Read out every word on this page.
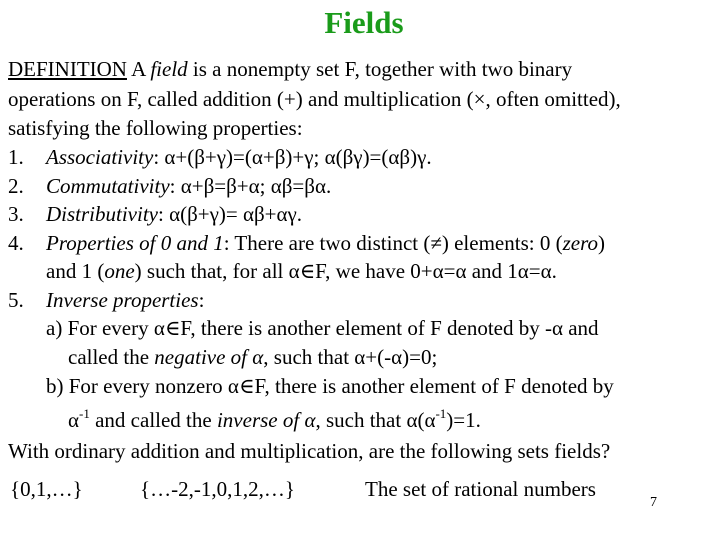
Fields
DEFINITION A field is a nonempty set F, together with two binary
operations on F, called addition (+) and multiplication (×, often omitted),
satisfying the following properties:
1. Associativity: α+(β+γ)=(α+β)+γ; α(βγ)=(αβ)γ.
2. Commutativity: α+β=β+α; αβ=βα.
3. Distributivity: α(β+γ)= αβ+αγ.
4. Properties of 0 and 1: There are two distinct (≠) elements: 0 (zero)
and 1 (one) such that, for all α∈F, we have 0+α=α and 1α=α.
5. Inverse properties:
a) For every α∈F, there is another element of F denoted by -α and
called the negative of α, such that α+(-α)=0;
b) For every nonzero α∈F, there is another element of F denoted by
$\alpha^{-1}$ and called the inverse of α, such that $\alpha(\alpha^{-1})=1$.
With ordinary addition and multiplication, are the following sets fields?
{0,1,…}	{…-2,-1,0,1,2,…}	The set of rational numbers
7
